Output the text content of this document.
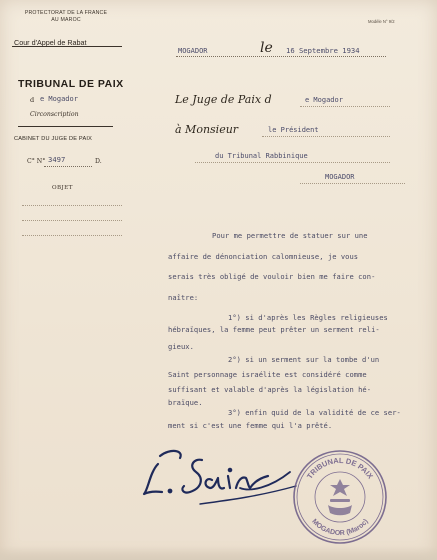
PROTECTORAT DE LA FRANCE
AU MAROC
Cour d'Appel de Rabat
TRIBUNAL DE PAIX
d e Mogador
Circonscription
CABINET DU JUGE DE PAIX
C° N° 3497	D.
OBJET
Modèle N° 9/2
MOGADOR	le 16 Septembre 1934
Le Juge de Paix d	e Mogador
à Monsieur	le Président
du Tribunal Rabbinique
MOGADOR
Pour me permettre de statuer sur une
affaire de dénonciation calomnieuse, je vous
serais très obligé de vouloir bien me faire con-
naître:
1°) si d'après les Règles religieuses
hébraïques, la femme peut prêter un serment reli-
gieux.
2°) si un serment sur la tombe d'un
Saint personnage israélite est considéré comme
suffisant et valable d'après la législation hé-
braïque.
3°) enfin quid de la validité de ce ser-
ment si c'est une femme qui l'a prêté.
TRIBUNAL DE PAIX
MOGADOR (Maroc)
